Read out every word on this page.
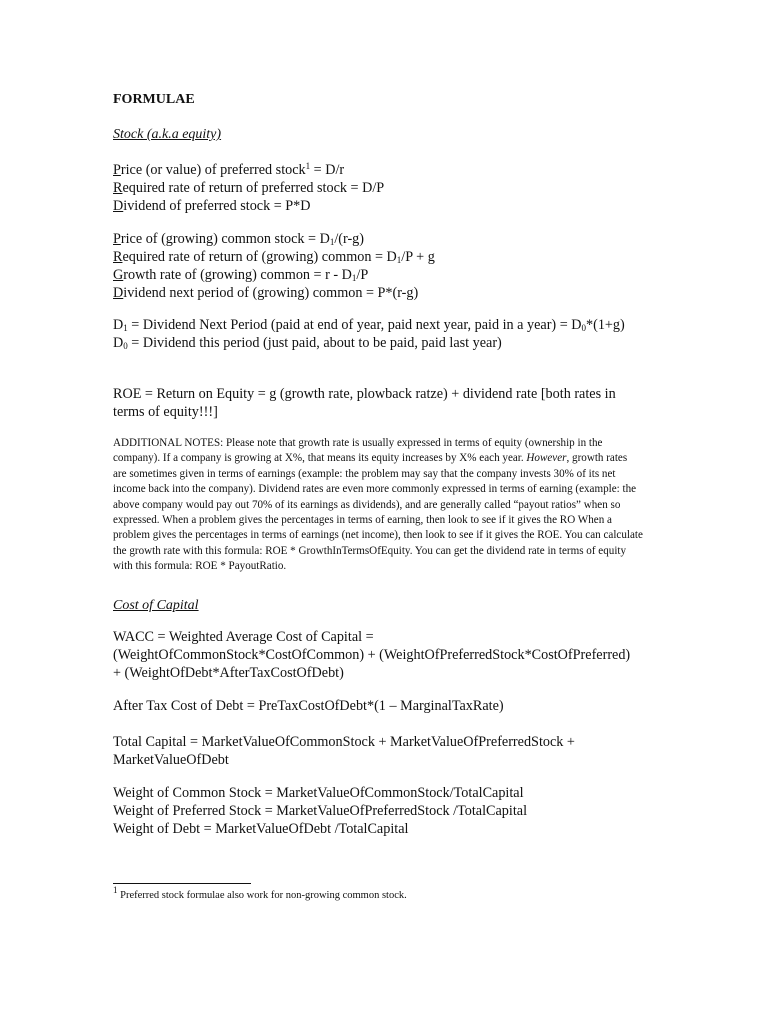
FORMULAE
Stock (a.k.a equity)
Price (or value) of preferred stock$^1$ = D/r
Required rate of return of preferred stock = D/P
Dividend of preferred stock = P*D
Price of (growing) common stock = $D_1/(r-g)$
Required rate of return of (growing) common = $D_1/P + g$
Growth rate of (growing) common = r - $D_1/P$
Dividend next period of (growing) common = P*(r-g)
$D_1$ = Dividend Next Period (paid at end of year, paid next year, paid in a year) = $D_0*(1+g)$
$D_0$ = Dividend this period (just paid, about to be paid, paid last year)
ROE = Return on Equity = g (growth rate, plowback ratze) + dividend rate [both rates in
terms of equity!!!]

ADDITIONAL NOTES: Please note that growth rate is usually expressed in terms of equity (ownership in the company). If a company is growing at X%, that means its equity increases by X% each year. However, growth rates are sometimes given in terms of earnings (example: the problem may say that the company invests 30% of its net income back into the company). Dividend rates are even more commonly expressed in terms of earning (example: the above company would pay out 70% of its earnings as dividends), and are generally called “payout ratios” when so expressed. When a problem gives the percentages in terms of earning, then look to see if it gives the RO When a problem gives the percentages in terms of earnings (net income), then look to see if it gives the ROE. You can calculate the growth rate with this formula: ROE * GrowthInTermsOfEquity. You can get the dividend rate in terms of equity with this formula: ROE * PayoutRatio.

Cost of Capital
WACC = Weighted Average Cost of Capital =
(WeightOfCommonStock*CostOfCommon) + (WeightOfPreferredStock*CostOfPreferred)
+ (WeightOfDebt*AfterTaxCostOfDebt)
After Tax Cost of Debt = PreTaxCostOfDebt*(1 – MarginalTaxRate)
Total Capital = MarketValueOfCommonStock + MarketValueOfPreferredStock +
MarketValueOfDebt
Weight of Common Stock = MarketValueOfCommonStock/TotalCapital
Weight of Preferred Stock = MarketValueOfPreferredStock /TotalCapital
Weight of Debt = MarketValueOfDebt /TotalCapital
$^1$ Preferred stock formulae also work for non-growing common stock.
